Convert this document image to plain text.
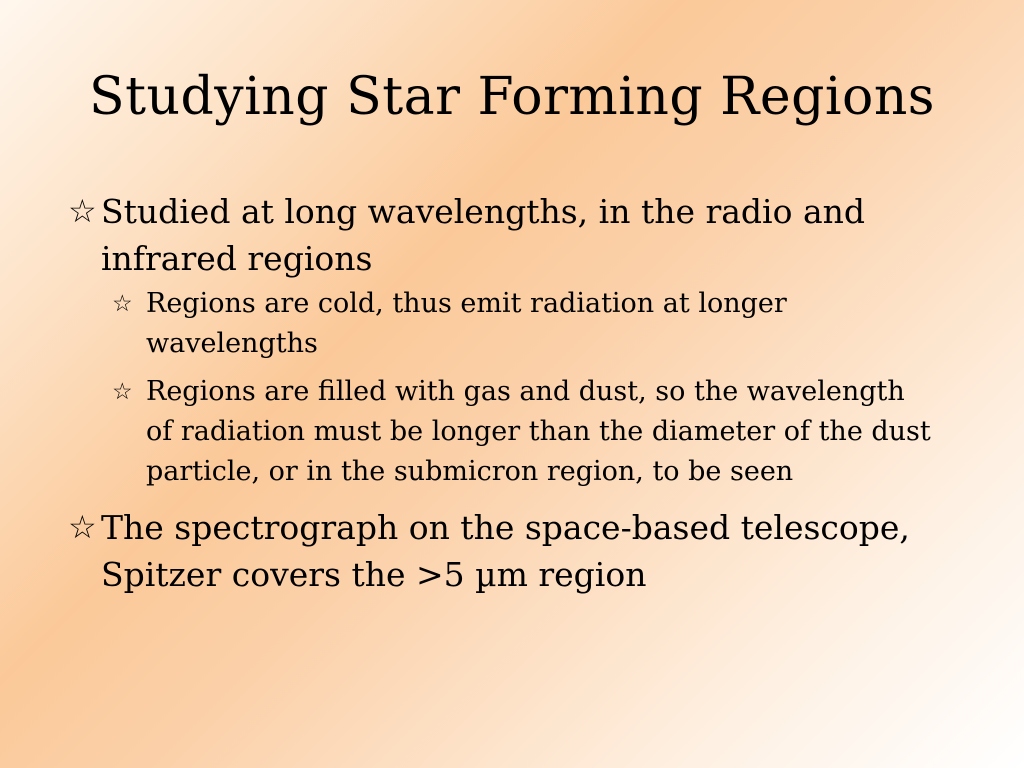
Studying Star Forming Regions
☆ Studied at long wavelengths, in the radio and infrared regions
☆ Regions are cold, thus emit radiation at longer wavelengths
☆ Regions are filled with gas and dust, so the wavelength of radiation must be longer than the diameter of the dust particle, or in the submicron region, to be seen
☆ The spectrograph on the space-based telescope, Spitzer covers the >5 µm region
